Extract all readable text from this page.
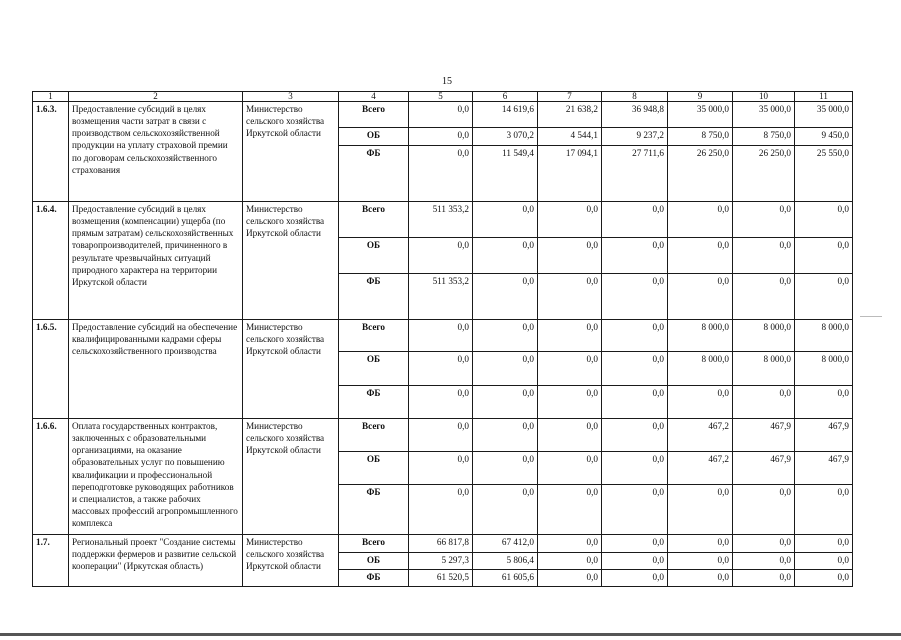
15
1	2	3	4	5	6	7	8	9	10	11
1.6.3.	Предоставление субсидий в целях возмещения части затрат в связи с производством сельскохозяйственной продукции на уплату страховой премии по договорам сельскохозяйственного страхования	Министерство сельского хозяйства Иркутской области	Всего	0,0	14 619,6	21 638,2	36 948,8	35 000,0	35 000,0	35 000,0
			ОБ	0,0	3 070,2	4 544,1	9 237,2	8 750,0	8 750,0	9 450,0
			ФБ	0,0	11 549,4	17 094,1	27 711,6	26 250,0	26 250,0	25 550,0
1.6.4.	Предоставление субсидий в целях возмещения (компенсации) ущерба (по прямым затратам) сельскохозяйственных товаропроизводителей, причиненного в результате чрезвычайных ситуаций природного характера на территории Иркутской области	Министерство сельского хозяйства Иркутской области	Всего	511 353,2	0,0	0,0	0,0	0,0	0,0	0,0
			ОБ	0,0	0,0	0,0	0,0	0,0	0,0	0,0
			ФБ	511 353,2	0,0	0,0	0,0	0,0	0,0	0,0
1.6.5.	Предоставление субсидий на обеспечение квалифицированными кадрами сферы сельскохозяйственного производства	Министерство сельского хозяйства Иркутской области	Всего	0,0	0,0	0,0	0,0	8 000,0	8 000,0	8 000,0
			ОБ	0,0	0,0	0,0	0,0	8 000,0	8 000,0	8 000,0
			ФБ	0,0	0,0	0,0	0,0	0,0	0,0	0,0
1.6.6.	Оплата государственных контрактов, заключенных с образовательными организациями, на оказание образовательных услуг по повышению квалификации и профессиональной переподготовке руководящих работников и специалистов, а также рабочих массовых профессий агропромышленного комплекса	Министерство сельского хозяйства Иркутской области	Всего	0,0	0,0	0,0	0,0	467,2	467,9	467,9
			ОБ	0,0	0,0	0,0	0,0	467,2	467,9	467,9
			ФБ	0,0	0,0	0,0	0,0	0,0	0,0	0,0
1.7.	Региональный проект "Создание системы поддержки фермеров и развитие сельской кооперации" (Иркутская область)	Министерство сельского хозяйства Иркутской области	Всего	66 817,8	67 412,0	0,0	0,0	0,0	0,0	0,0
			ОБ	5 297,3	5 806,4	0,0	0,0	0,0	0,0	0,0
			ФБ	61 520,5	61 605,6	0,0	0,0	0,0	0,0	0,0
